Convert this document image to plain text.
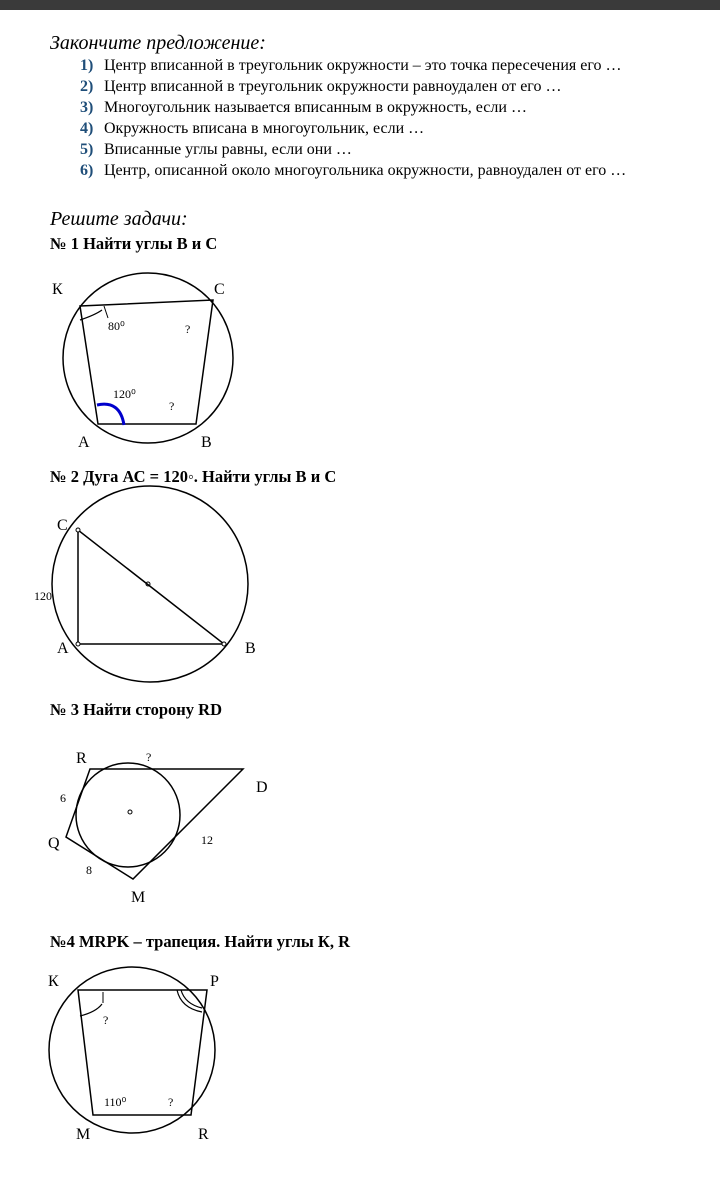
Закончите предложение:
1) Центр вписанной в треугольник окружности – это точка пересечения его …
2) Центр вписанной в треугольник окружности равноудален от его …
3) Многоугольник называется вписанным в окружность, если …
4) Окружность вписана в многоугольник, если …
5) Вписанные углы равны, если они …
6) Центр, описанной около многоугольника окружности, равноудален от его …
Решите задачи:
№ 1 Найти углы В и С
К	С
А	В
80⁰	?
120⁰
?
№ 2 Дуга АС = 120◦. Найти углы В и С
С
А	В
120
№ 3 Найти сторону RD
R
D
Q
M
?
6
8
12
№4 MRPK – трапеция. Найти углы К, R
К	Р
М	R
?
110⁰	?
